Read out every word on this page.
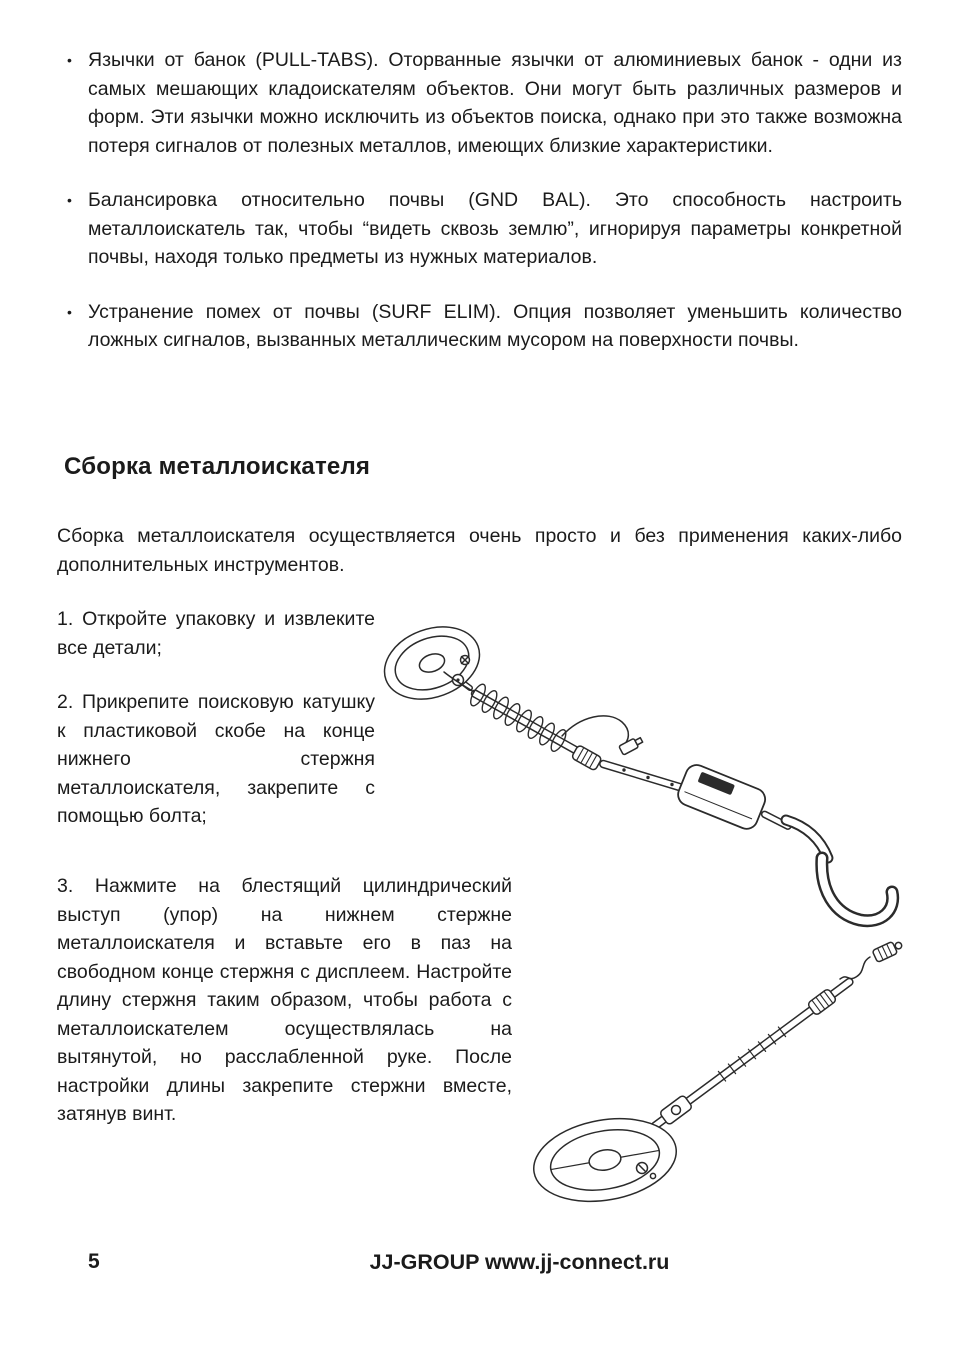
• Язычки от банок (PULL-TABS). Оторванные язычки от алюминиевых банок - одни из самых мешающих кладоискателям объектов. Они могут быть различных размеров и форм. Эти язычки можно исключить из объектов поиска, однако при это также возможна потеря сигналов от полезных металлов, имеющих близкие характеристики.
• Балансировка относительно почвы (GND BAL). Это способность настроить металлоискатель так, чтобы “видеть сквозь землю”, игнорируя параметры конкретной почвы, находя только предметы из нужных материалов.
• Устранение помех от почвы (SURF ELIM). Опция позволяет уменьшить количество ложных сигналов, вызванных металлическим мусором на поверхности почвы.
Сборка металлоискателя

Сборка металлоискателя осуществляется очень просто и без применения каких-либо дополнительных инструментов.

1. Откройте упаковку и извлеките все детали;

2. Прикрепите поисковую катушку к пластиковой скобе на конце нижнего стержня металлоискателя, закрепите с помощью болта;

3. Нажмите на блестящий цилиндрический выступ (упор) на нижнем стержне металлоискателя и вставьте его в паз на свободном конце стержня с дисплеем. Настройте длину стержня таким образом, чтобы работа с металлоискателем осуществлялась на вытянутой, но расслабленной руке. После настройки длины закрепите стержни вместе, затянув винт.

5	JJ-GROUP www.jj-connect.ru
